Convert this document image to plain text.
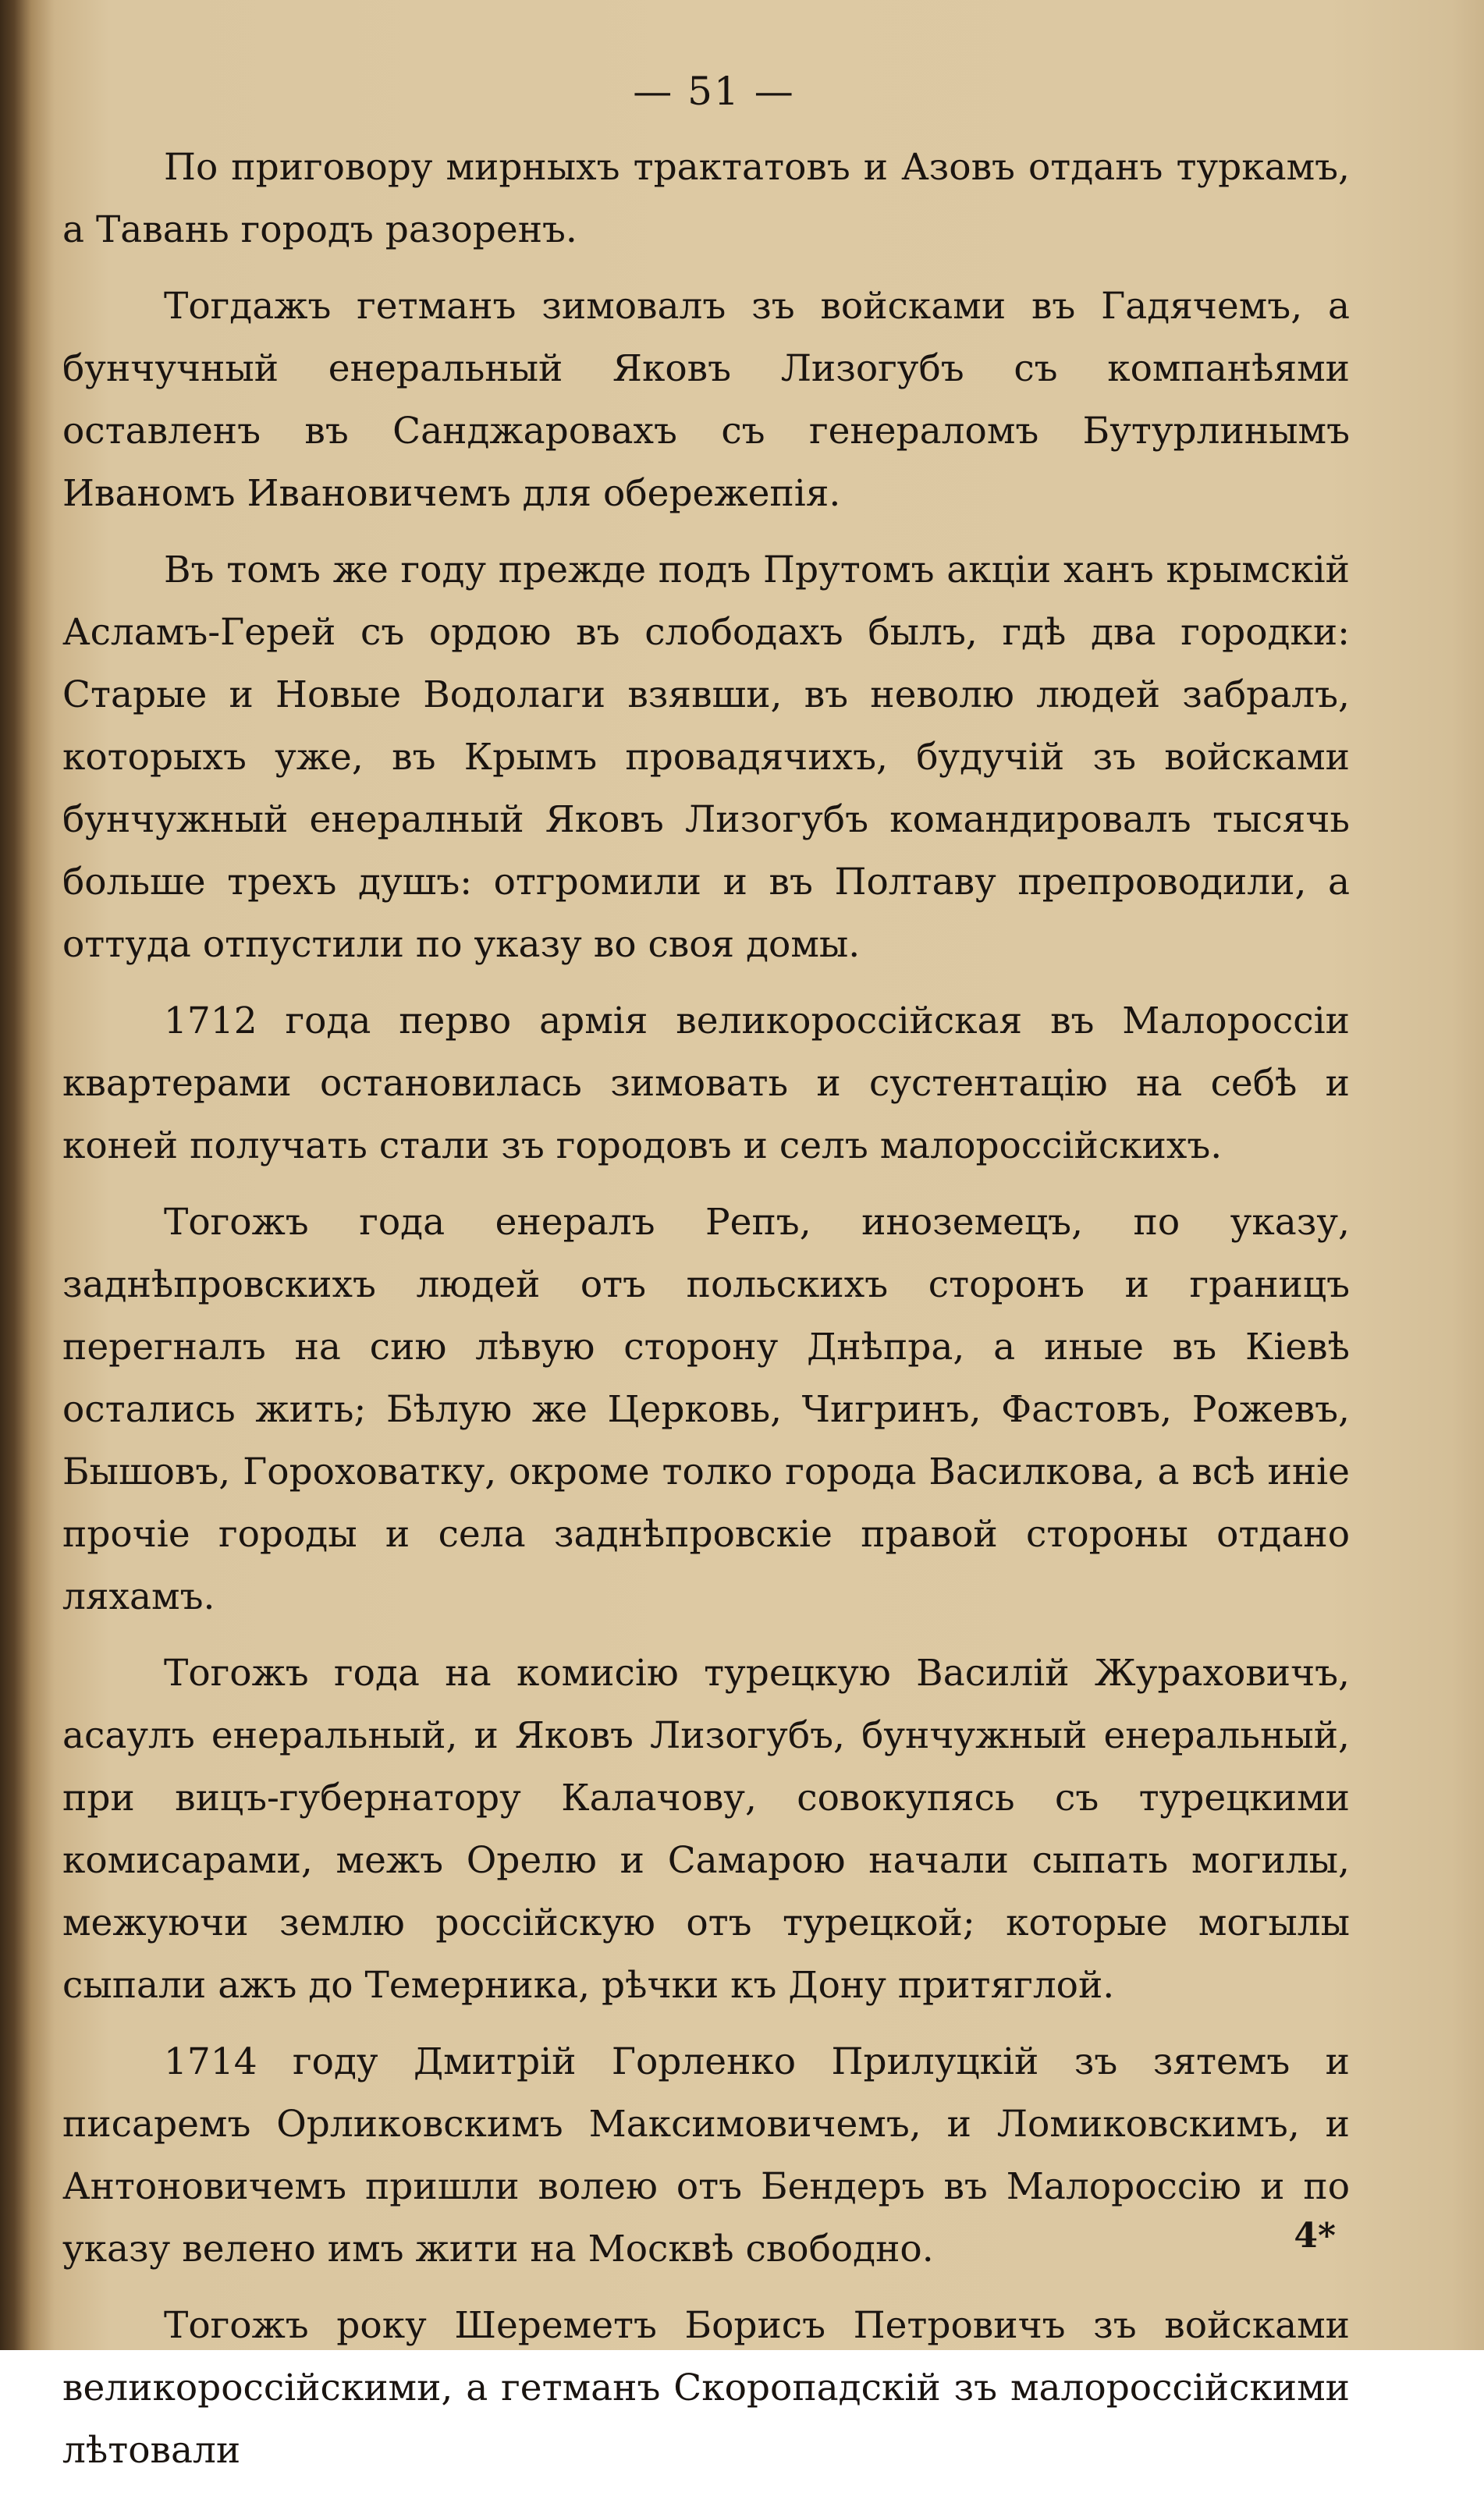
— 51 —

По приговору мирныхъ трактатовъ и Азовъ отданъ туркамъ, а Тавань городъ разоренъ.

Тогдажъ гетманъ зимовалъ зъ войсками въ Гадячемъ, а бунчучный енеральный Яковъ Лизогубъ съ компанѣями оставленъ въ Санджаровахъ съ генераломъ Бутурлинымъ Иваномъ Ивановичемъ для обережепія.

Въ томъ же году прежде подъ Прутомъ акціи ханъ крымскій Асламъ-Герей съ ордою въ слободахъ былъ, гдѣ два городки: Старые и Новые Водолаги взявши, въ неволю людей забралъ, которыхъ уже, въ Крымъ провадячихъ, будучій зъ войсками бунчужный енералный Яковъ Лизогубъ командировалъ тысячь больше трехъ душъ: отгромили и въ Полтаву препроводили, а оттуда отпустили по указу во своя домы.

1712 года перво армія великороссійская въ Малороссіи квартерами остановилась зимовать и сустентацію на себѣ и коней получать стали зъ городовъ и селъ малороссійскихъ.

Тогожъ года енералъ Репъ, иноземецъ, по указу, заднѣпровскихъ людей отъ польскихъ сторонъ и границъ перегналъ на сию лѣвую сторону Днѣпра, а иные въ Кіевѣ остались жить; Бѣлую же Церковь, Чигринъ, Фастовъ, Рожевъ, Бышовъ, Гороховатку, окроме толко города Василкова, а всѣ иніе прочіе городы и села заднѣпровскіе правой стороны отдано ляхамъ.

Тогожъ года на комисію турецкую Василій Жураховичъ, асаулъ енеральный, и Яковъ Лизогубъ, бунчужный енеральный, при вицъ-губернатору Калачову, совокупясь съ турецкими комисарами, межъ Орелю и Самарою начали сыпать могилы, межуючи землю россійскую отъ турецкой; которые могылы сыпали ажъ до Темерника, рѣчки къ Дону притяглой.

1714 году Дмитрій Горленко Прилуцкій зъ зятемъ и писаремъ Орликовскимъ Максимовичемъ, и Ломиковскимъ, и Антоновичемъ пришли волею отъ Бендеръ въ Малороссію и по указу велено имъ жити на Москвѣ свободно.

Тогожъ року Шереметъ Борисъ Петровичъ зъ войсками великороссійскими, а гетманъ Скоропадскій зъ малороссійскими лѣтовали

4*
